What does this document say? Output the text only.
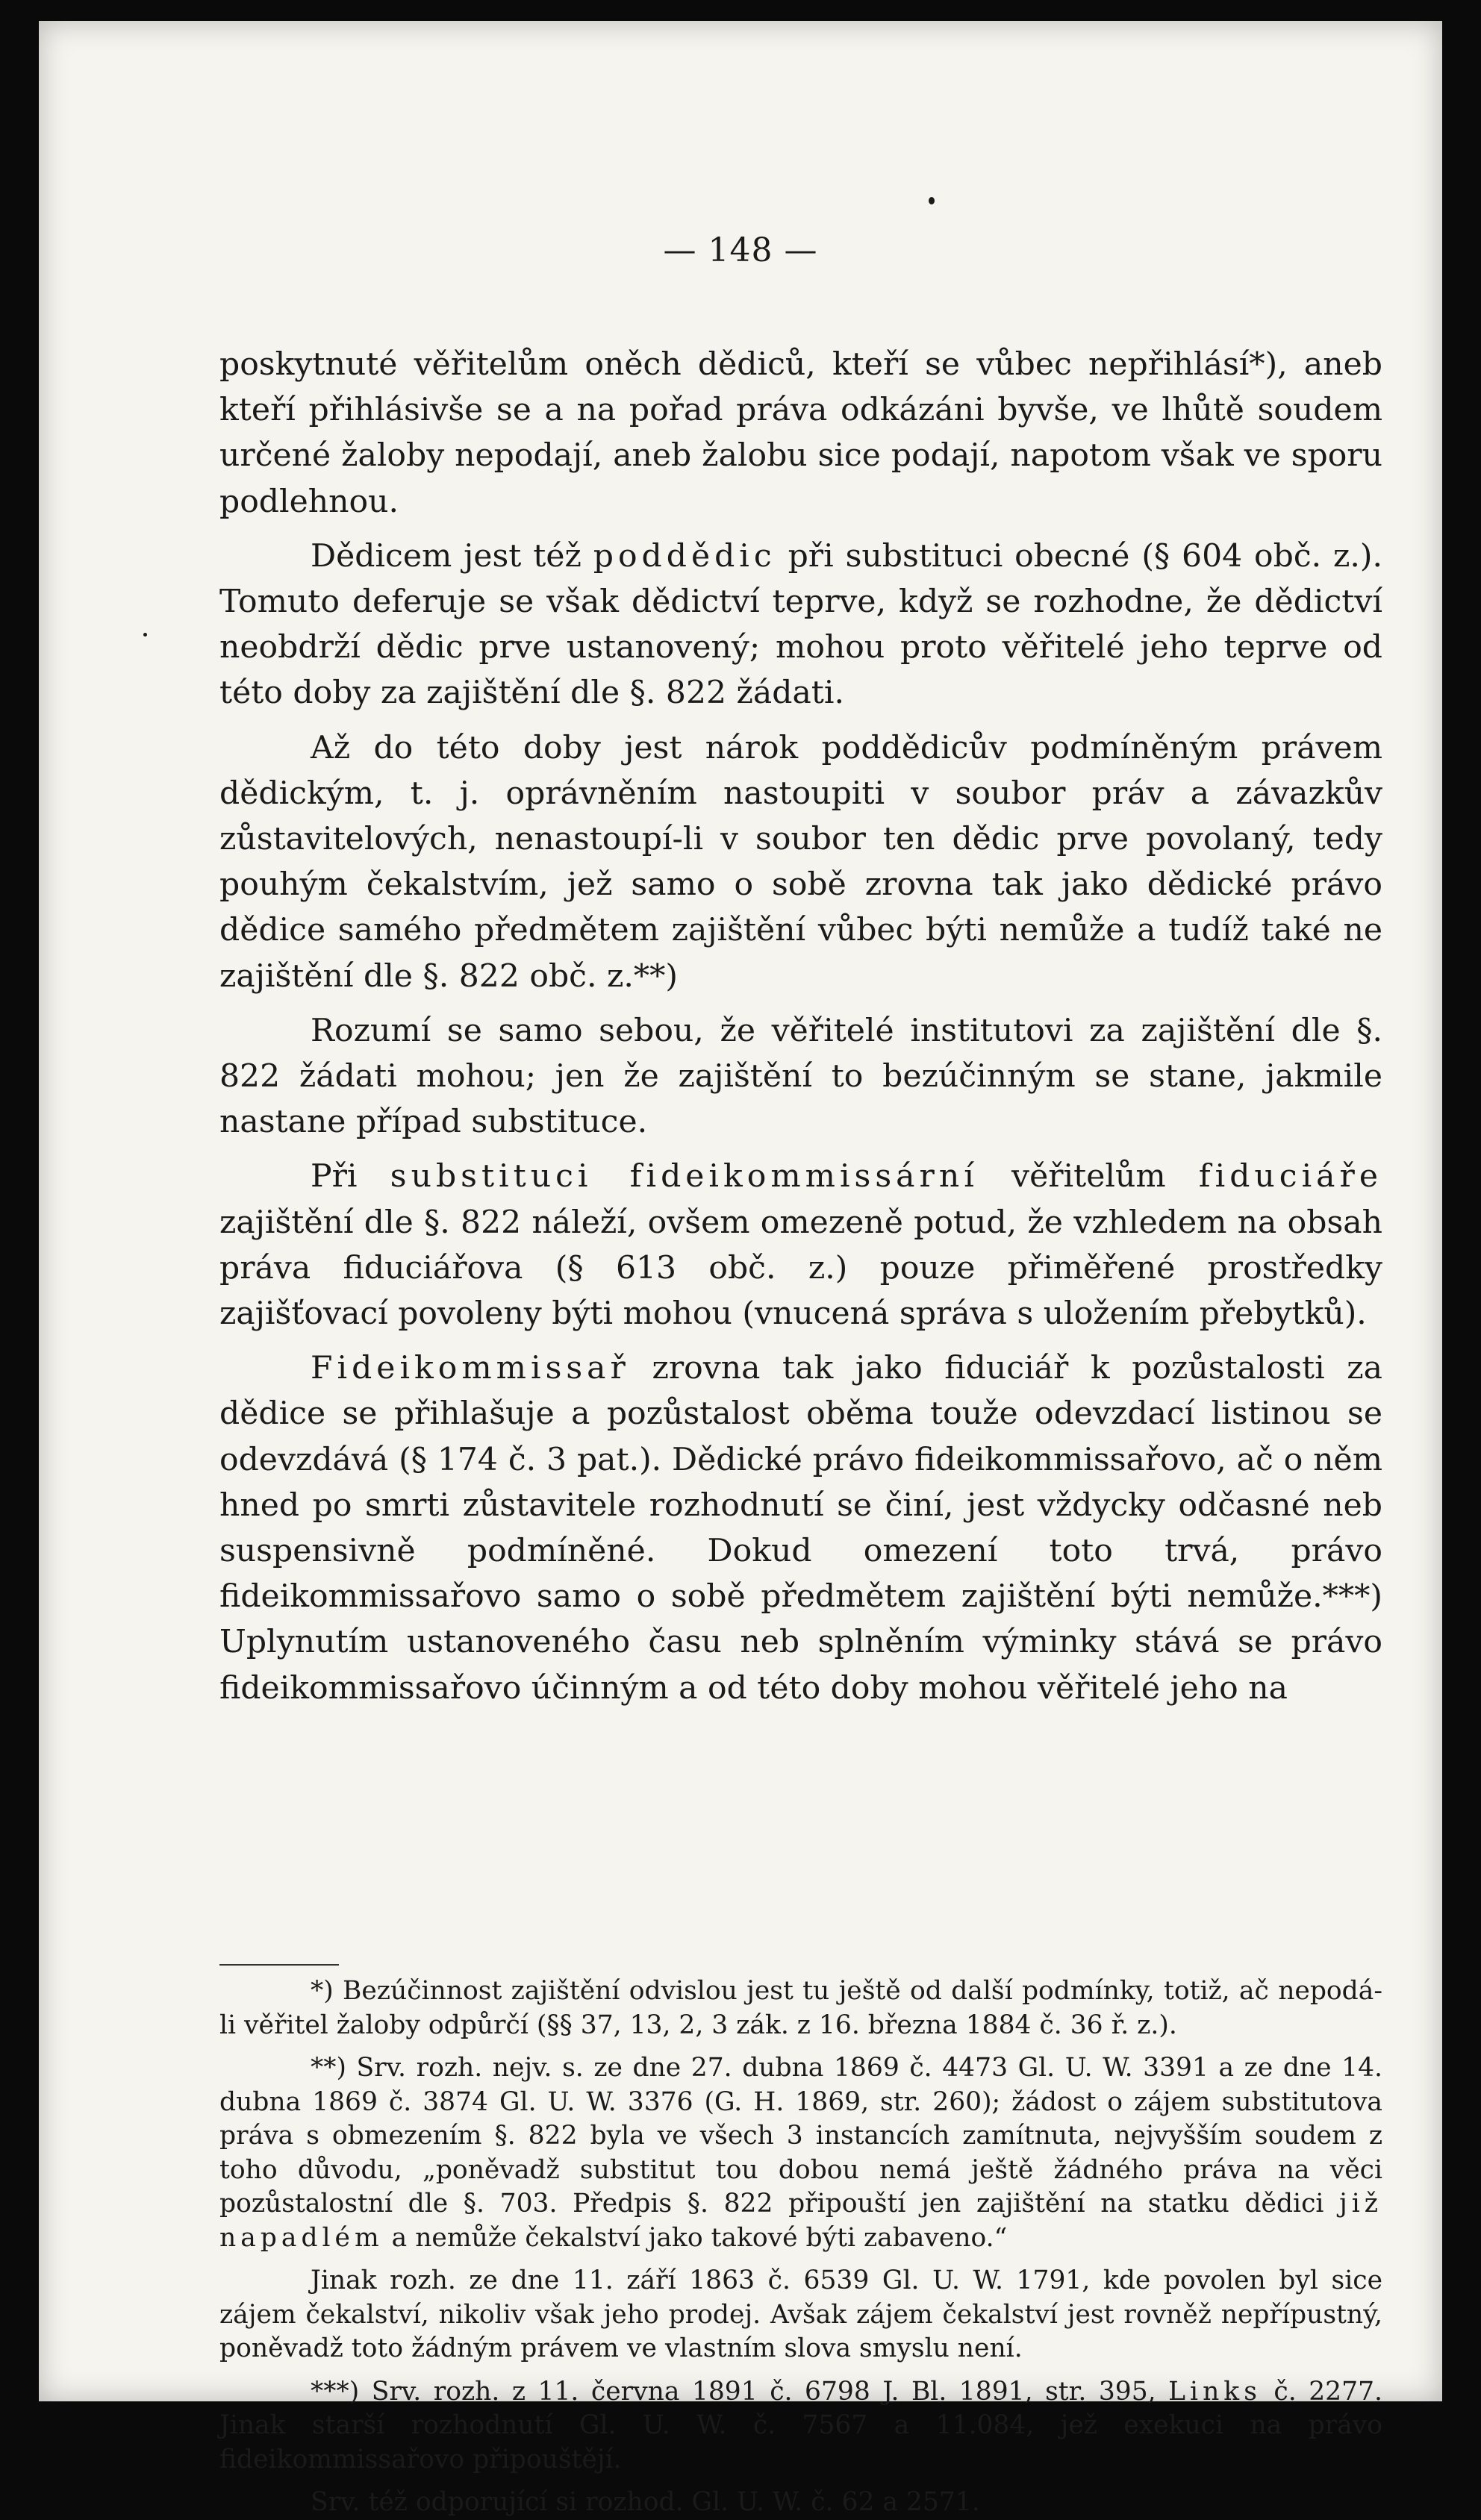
— 148 —

poskytnuté věřitelům oněch dědiců, kteří se vůbec nepřihlásí*), aneb kteří přihlásivše se a na pořad práva odkázáni byvše, ve lhůtě soudem určené žaloby nepodají, aneb žalobu sice podají, napotom však ve sporu podlehnou.

Dědicem jest též poddědic při substituci obecné (§ 604 obč. z.). Tomuto deferuje se však dědictví teprve, když se rozhodne, že dědictví neobdrží dědic prve ustanovený; mohou proto věřitelé jeho teprve od této doby za zajištění dle §. 822 žádati.

Až do této doby jest nárok poddědicův podmíněným právem dědickým, t. j. oprávněním nastoupiti v soubor práv a závazkův zůstavitelových, nenastoupí-li v soubor ten dědic prve povolaný, tedy pouhým čekalstvím, jež samo o sobě zrovna tak jako dědické právo dědice samého předmětem zajištění vůbec býti nemůže a tudíž také ne zajištění dle §. 822 obč. z.**)

Rozumí se samo sebou, že věřitelé institutovi za zajištění dle §. 822 žádati mohou; jen že zajištění to bezúčinným se stane, jakmile nastane případ substituce.

Při substituci fideikommissární věřitelům fiduciáře zajištění dle §. 822 náleží, ovšem omezeně potud, že vzhledem na obsah práva fiduciářova (§ 613 obč. z.) pouze přiměřené prostředky zajišťovací povoleny býti mohou (vnucená správa s uložením přebytků).

Fideikommissař zrovna tak jako fiduciář k pozůstalosti za dědice se přihlašuje a pozůstalost oběma touže odevzdací listinou se odevzdává (§ 174 č. 3 pat.). Dědické právo fideikommissařovo, ač o něm hned po smrti zůstavitele rozhodnutí se činí, jest vždycky odčasné neb suspensivně podmíněné. Dokud omezení toto trvá, právo fideikommissařovo samo o sobě předmětem zajištění býti nemůže.***) Uplynutím ustanoveného času neb splněním výminky stává se právo fideikommissařovo účinným a od této doby mohou věřitelé jeho na

*) Bezúčinnost zajištění odvislou jest tu ještě od další podmínky, totiž, ač nepodá-li věřitel žaloby odpůrčí (§§ 37, 13, 2, 3 zák. z 16. března 1884 č. 36 ř. z.).

**) Srv. rozh. nejv. s. ze dne 27. dubna 1869 č. 4473 Gl. U. W. 3391 a ze dne 14. dubna 1869 č. 3874 Gl. U. W. 3376 (G. H. 1869, str. 260); žádost o zájem substitutova práva s obmezením §. 822 byla ve všech 3 instancích zamítnuta, nejvyšším soudem z toho důvodu, „poněvadž substitut tou dobou nemá ještě žádného práva na věci pozůstalostní dle §. 703. Předpis §. 822 připouští jen zajištění na statku dědici již napadlém a nemůže čekalství jako takové býti zabaveno.“

Jinak rozh. ze dne 11. září 1863 č. 6539 Gl. U. W. 1791, kde povolen byl sice zájem čekalství, nikoliv však jeho prodej. Avšak zájem čekalství jest rovněž nepřípustný, poněvadž toto žádným právem ve vlastním slova smyslu není.

***) Srv. rozh. z 11. června 1891 č. 6798 J. Bl. 1891, str. 395, Links č. 2277. Jinak starší rozhodnutí Gl. U. W. č. 7567 a 11.084, jež exekuci na právo fideikommissařovo připouštějí.

Srv. též odporující si rozhod. Gl. U. W. č. 62 a 2571.
